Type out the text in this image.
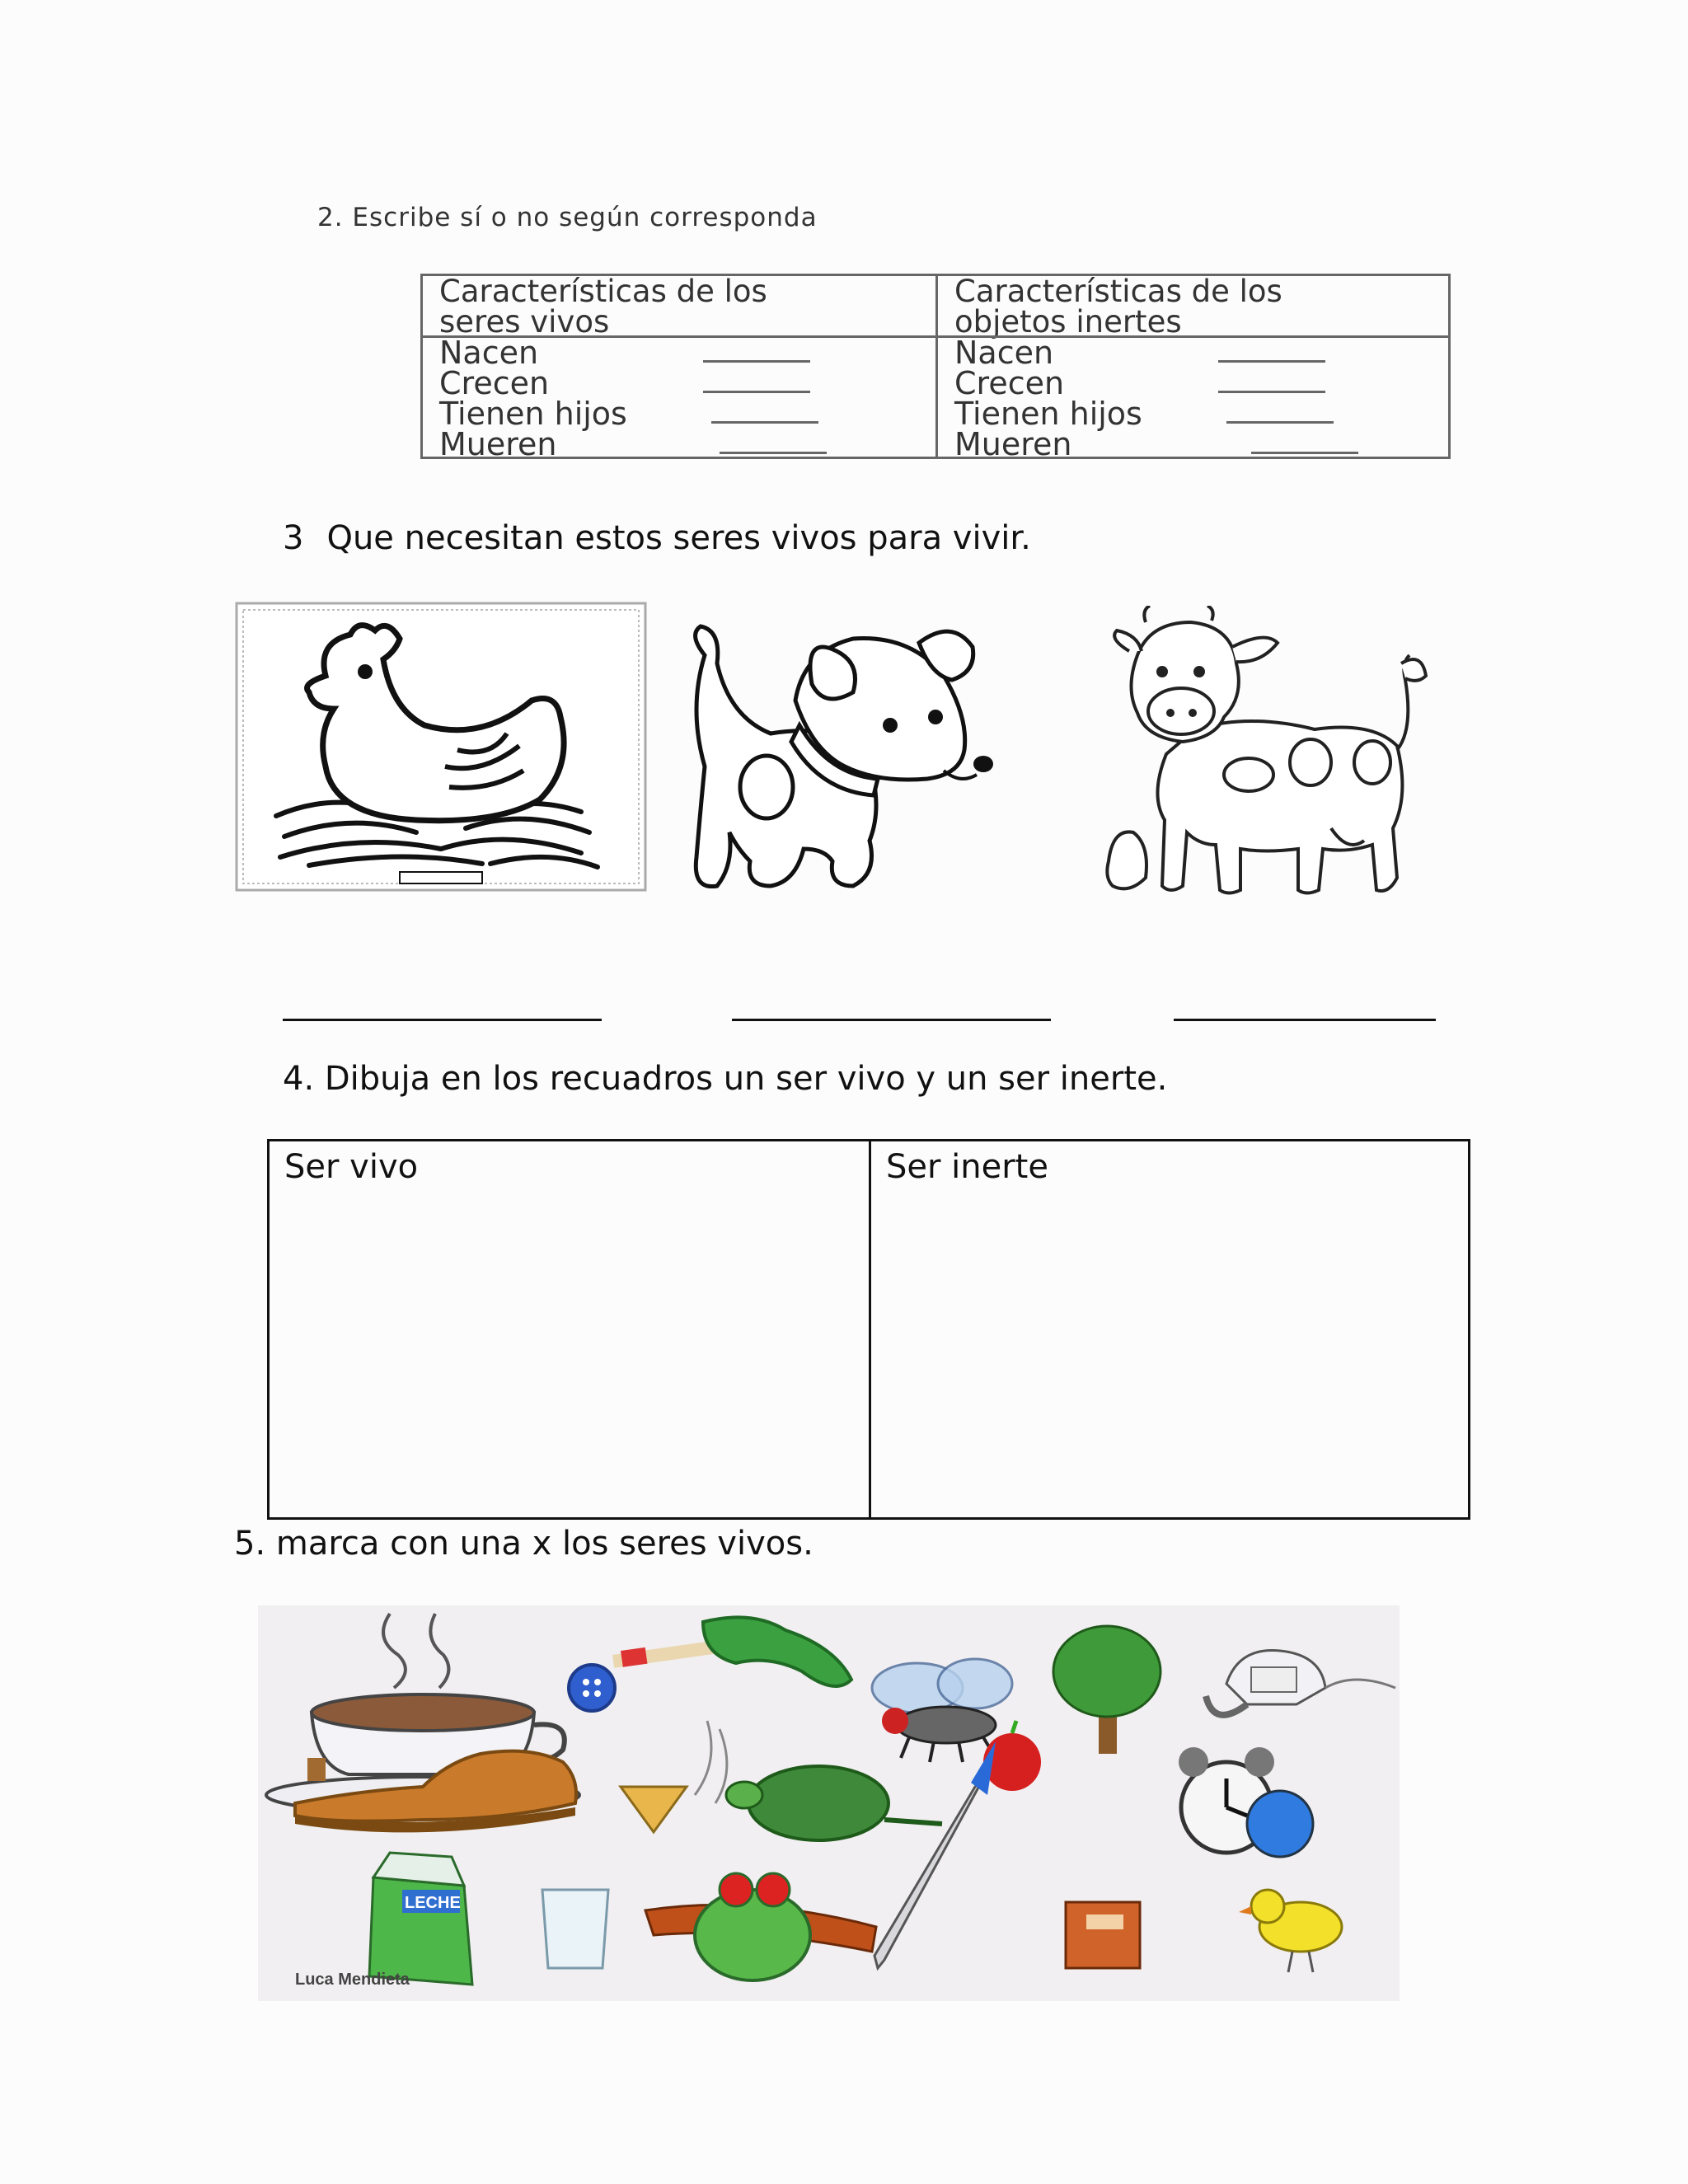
2. Escribe sí o no según corresponda
Características de los
seres vivos
Nacen
Crecen
Tienen hijos
Mueren
Características de los
objetos inertes
Nacen
Crecen
Tienen hijos
Mueren
3 Que necesitan estos seres vivos para vivir.
4. Dibuja en los recuadros un ser vivo y un ser inerte.
Ser vivo	Ser inerte
5. marca con una x los seres vivos.
LECHE
Luca Mendieta
